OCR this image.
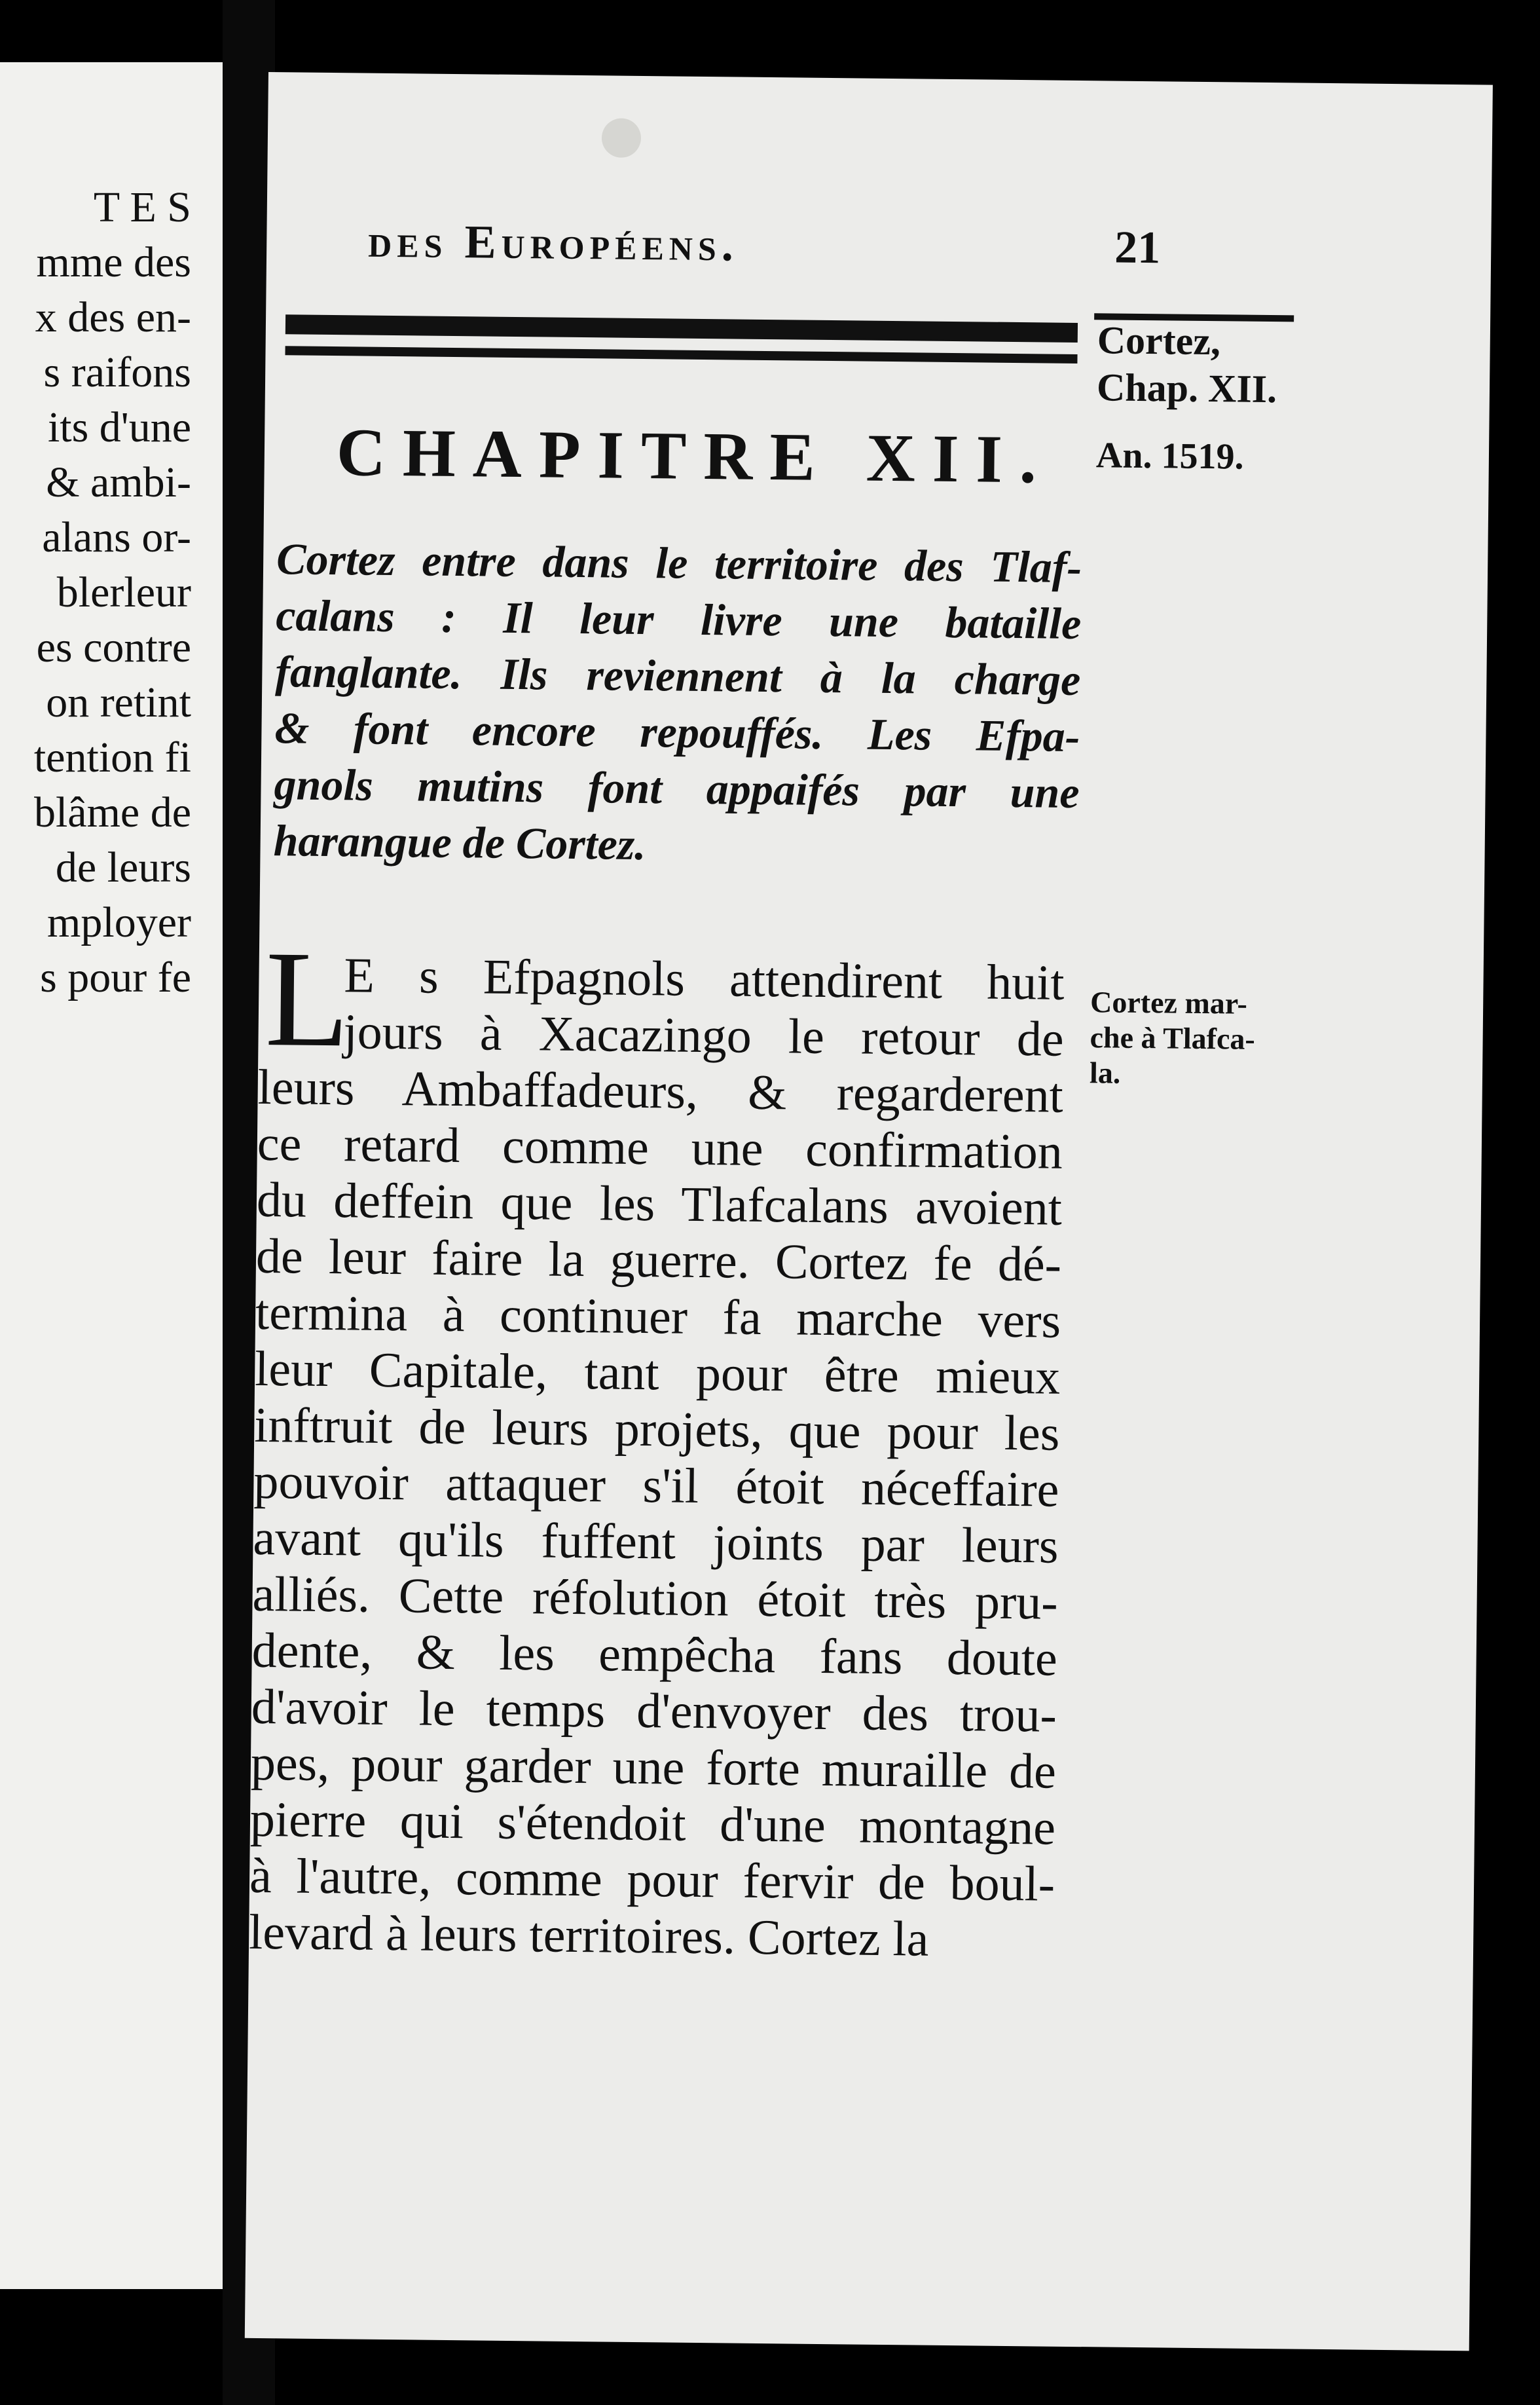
T E S
mme des
x des en-
s raifons
its d'une
& ambi-
alans or-
blerleur
es contre
on retint
tention fi
blâme de
de leurs
mployer
s pour fe
des Européens.	21
Cortez,
Chap. XII.
An. 1519.
CHAPITRE XII.
Cortez entre dans le territoire des Tlaf-
calans : Il leur livre une bataille
fanglante. Ils reviennent à la charge
& font encore repouffés. Les Efpa-
gnols mutins font appaifés par une
harangue de Cortez.
L	Cortez mar-
che à Tlafca-
la.
E s Efpagnols attendirent huit
jours à Xacazingo le retour de
leurs Ambaffadeurs, & regarderent
ce retard comme une confirmation
du deffein que les Tlafcalans avoient
de leur faire la guerre. Cortez fe dé-
termina à continuer fa marche vers
leur Capitale, tant pour être mieux
inftruit de leurs projets, que pour les
pouvoir attaquer s'il étoit néceffaire
avant qu'ils fuffent joints par leurs
alliés. Cette réfolution étoit très pru-
dente, & les empêcha fans doute
d'avoir le temps d'envoyer des trou-
pes, pour garder une forte muraille de
pierre qui s'étendoit d'une montagne
à l'autre, comme pour fervir de boul-
levard à leurs territoires. Cortez la
